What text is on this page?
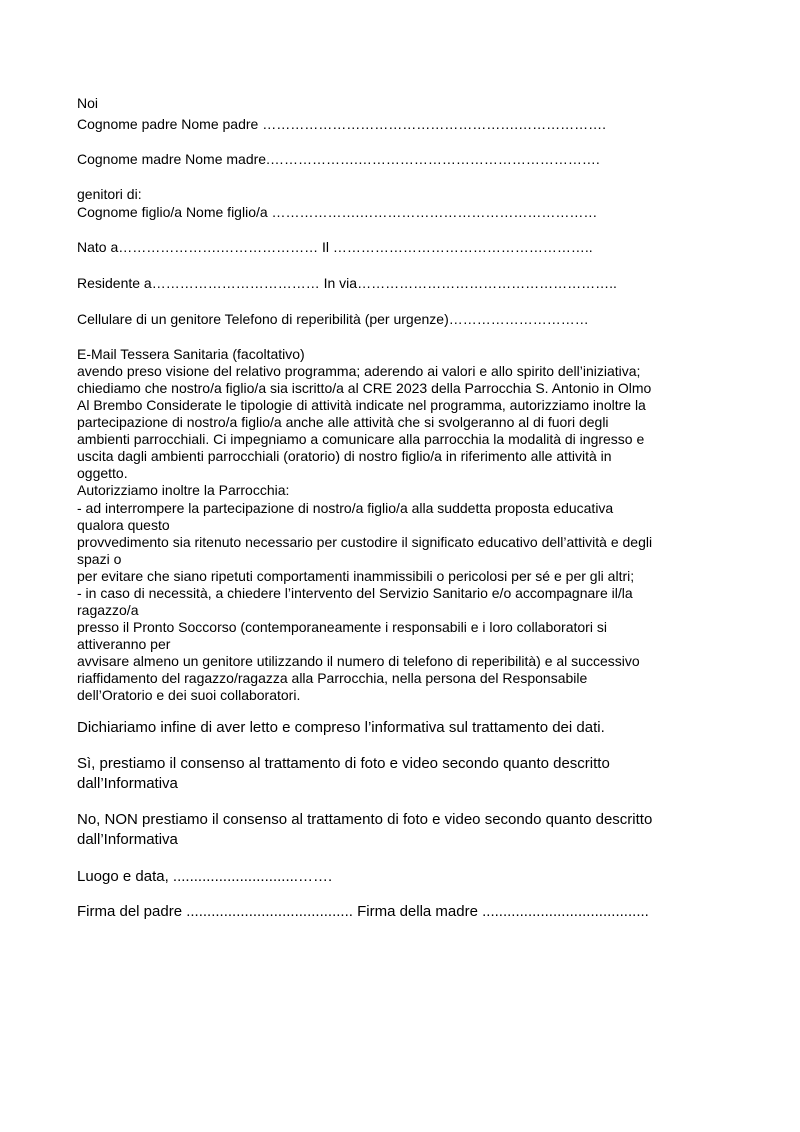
Noi
Cognome padre Nome padre ……………………………………………….……………….
Cognome madre Nome madre.……………….…………………………………………….
genitori di:
Cognome figlio/a Nome figlio/a ……………….……………………………………………
Nato a………………….………………… Il ………………………………………………..
Residente a……………………………… In via………………………………………………..
Cellulare di un genitore Telefono di reperibilità (per urgenze)…………………………
E-Mail Tessera Sanitaria (facoltativo)
avendo preso visione del relativo programma; aderendo ai valori e allo spirito dell’iniziativa;
chiediamo che nostro/a figlio/a sia iscritto/a al CRE 2023 della Parrocchia S. Antonio in Olmo
Al Brembo Considerate le tipologie di attività indicate nel programma, autorizziamo inoltre la
partecipazione di nostro/a figlio/a anche alle attività che si svolgeranno al di fuori degli
ambienti parrocchiali. Ci impegniamo a comunicare alla parrocchia la modalità di ingresso e
uscita dagli ambienti parrocchiali (oratorio) di nostro figlio/a in riferimento alle attività in
oggetto.
Autorizziamo inoltre la Parrocchia:
- ad interrompere la partecipazione di nostro/a figlio/a alla suddetta proposta educativa
qualora questo
provvedimento sia ritenuto necessario per custodire il significato educativo dell’attività e degli
spazi o
per evitare che siano ripetuti comportamenti inammissibili o pericolosi per sé e per gli altri;
- in caso di necessità, a chiedere l’intervento del Servizio Sanitario e/o accompagnare il/la
ragazzo/a
presso il Pronto Soccorso (contemporaneamente i responsabili e i loro collaboratori si
attiveranno per
avvisare almeno un genitore utilizzando il numero di telefono di reperibilità) e al successivo
riaffidamento del ragazzo/ragazza alla Parrocchia, nella persona del Responsabile
dell’Oratorio e dei suoi collaboratori.
Dichiariamo infine di aver letto e compreso l’informativa sul trattamento dei dati.
Sì, prestiamo il consenso al trattamento di foto e video secondo quanto descritto
dall’Informativa
No, NON prestiamo il consenso al trattamento di foto e video secondo quanto descritto
dall’Informativa
Luogo e data, ..............................…….
Firma del padre ........................................ Firma della madre ........................................
